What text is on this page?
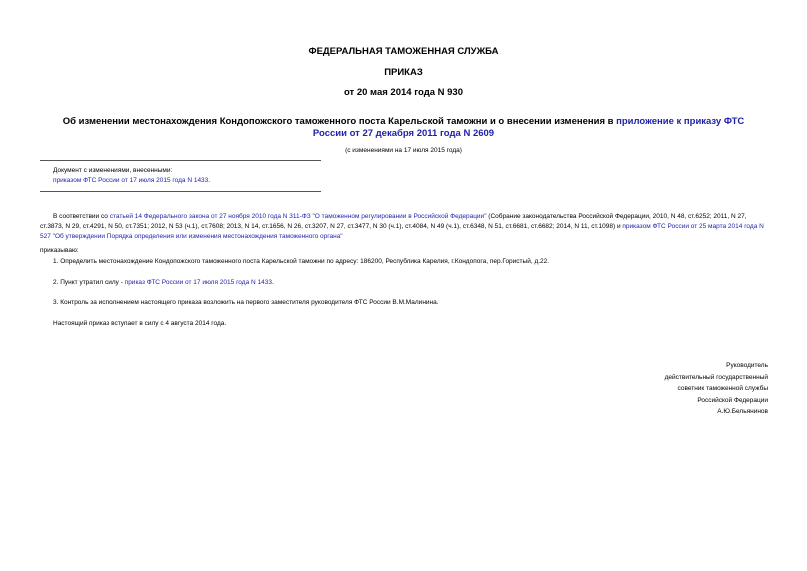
ФЕДЕРАЛЬНАЯ ТАМОЖЕННАЯ СЛУЖБА
ПРИКАЗ
от 20 мая 2014 года N 930
Об изменении местонахождения Кондопожского таможенного поста Карельской таможни и о внесении изменения в приложение к приказу ФТС России от 27 декабря 2011 года N 2609
(с изменениями на 17 июля 2015 года)
Документ с изменениями, внесенными:
приказом ФТС России от 17 июля 2015 года N 1433.
В соответствии со статьей 14 Федерального закона от 27 ноября 2010 года N 311-ФЗ "О таможенном регулировании в Российской Федерации" (Собрание законодательства Российской Федерации, 2010, N 48, ст.6252; 2011, N 27, ст.3873, N 29, ст.4291, N 50, ст.7351; 2012, N 53 (ч.1), ст.7608; 2013, N 14, ст.1656, N 26, ст.3207, N 27, ст.3477, N 30 (ч.1), ст.4084, N 49 (ч.1), ст.6348, N 51, ст.6681, ст.6682; 2014, N 11, ст.1098) и приказом ФТС России от 25 марта 2014 года N 527 "Об утверждении Порядка определения или изменения местонахождения таможенного органа"
приказываю:
1. Определить местонахождение Кондопожского таможенного поста Карельской таможни по адресу: 186200, Республика Карелия, г.Кондопога, пер.Гористый, д.22.
2. Пункт утратил силу - приказ ФТС России от 17 июля 2015 года N 1433.
3. Контроль за исполнением настоящего приказа возложить на первого заместителя руководителя ФТС России В.М.Малинина.
Настоящий приказ вступает в силу с 4 августа 2014 года.
Руководитель
действительный государственный
советник таможенной службы
Российской Федерации
А.Ю.Бельянинов
